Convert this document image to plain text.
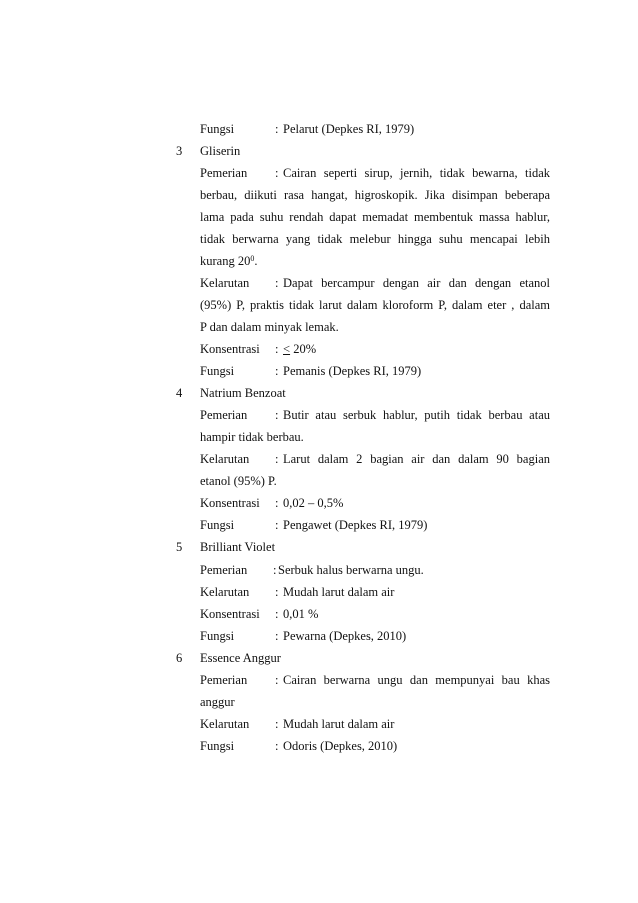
Fungsi	: Pelarut (Depkes RI, 1979)
3 Gliserin
Pemerian : Cairan seperti sirup, jernih, tidak bewarna, tidak
berbau, diikuti rasa hangat, higroskopik. Jika disimpan beberapa
lama pada suhu rendah dapat memadat membentuk massa hablur,
tidak berwarna yang tidak melebur hingga suhu mencapai lebih
kurang $20^0$.
Kelarutan : Dapat bercampur dengan air dan dengan etanol
(95%) P, praktis tidak larut dalam kloroform P, dalam eter , dalam
P dan dalam minyak lemak.
Konsentrasi : < 20%
Fungsi	: Pemanis (Depkes RI, 1979)
4 Natrium Benzoat
Pemerian : Butir atau serbuk hablur, putih tidak berbau atau
hampir tidak berbau.
Kelarutan : Larut dalam 2 bagian air dan dalam 90 bagian
etanol (95%) P.
Konsentrasi : 0,02 – 0,5%
Fungsi	: Pengawet (Depkes RI, 1979)
5 Brilliant Violet
Pemerian : Serbuk halus berwarna ungu.
Kelarutan : Mudah larut dalam air
Konsentrasi : 0,01 %
Fungsi	: Pewarna (Depkes, 2010)
6 Essence Anggur
Pemerian : Cairan berwarna ungu dan mempunyai bau khas
anggur
Kelarutan : Mudah larut dalam air
Fungsi	: Odoris (Depkes, 2010)
